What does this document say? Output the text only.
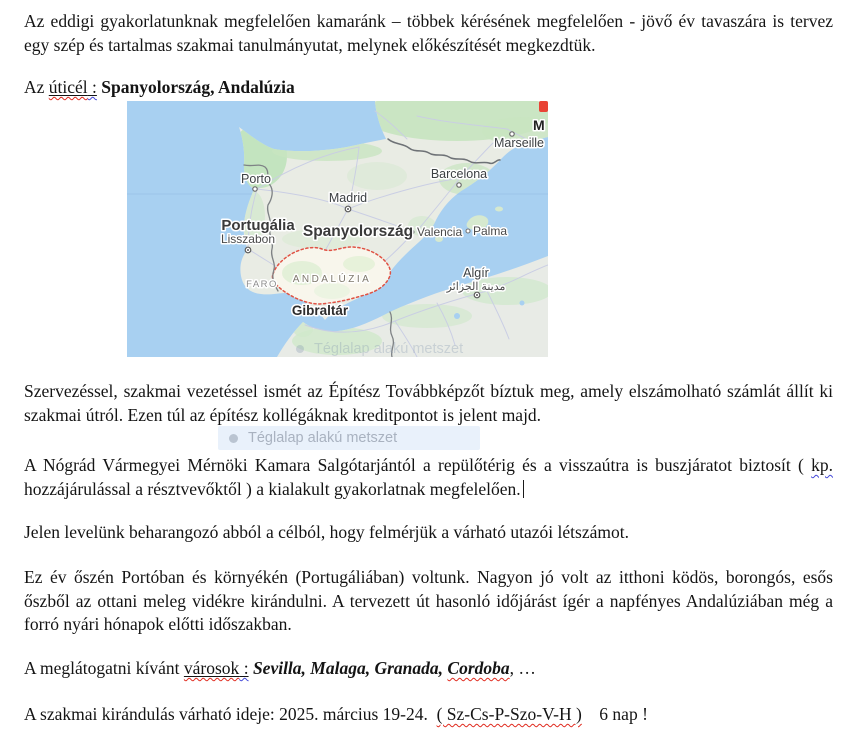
Az eddigi gyakorlatunknak megfelelően kamaránk – többek kérésének megfelelően - jövő év tavaszára is tervez egy szép és tartalmas szakmai tanulmányutat, melynek előkészítését megkezdtük.

Az úticél : Spanyolország, Andalúzia

Porto
Madrid
Barcelona
Marseille
M
Portugália
Lisszabon Spanyolország Valencia Palma
ANDALÚZIA
FARO
Gibraltár
Algír
مدينة الجزائر
Téglalap alakú metszet

Szervezéssel, szakmai vezetéssel ismét az Építész Továbbképzőt bíztuk meg, amely elszámolható számlát állít ki szakmai útról. Ezen túl az építész kollégáknak kreditpontot is jelent majd.

Téglalap alakú metszet

A Nógrád Vármegyei Mérnöki Kamara Salgótarjántól a repülőtérig és a visszaútra is buszjáratot biztosít ( kp. hozzájárulással a résztvevőktől ) a kialakult gyakorlatnak megfelelően.

Jelen levelünk beharangozó abból a célból, hogy felmérjük a várható utazói létszámot.

Ez év őszén Portóban és környékén (Portugáliában) voltunk. Nagyon jó volt az itthoni ködös, borongós, esős őszből az ottani meleg vidékre kirándulni. A tervezett út hasonló időjárást ígér a napfényes Andalúziában még a forró nyári hónapok előtti időszakban.

A meglátogatni kívánt városok : Sevilla, Malaga, Granada, Cordoba, …

A szakmai kirándulás várható ideje: 2025. március 19-24.  ( Sz-Cs-P-Szo-V-H )    6 nap !
